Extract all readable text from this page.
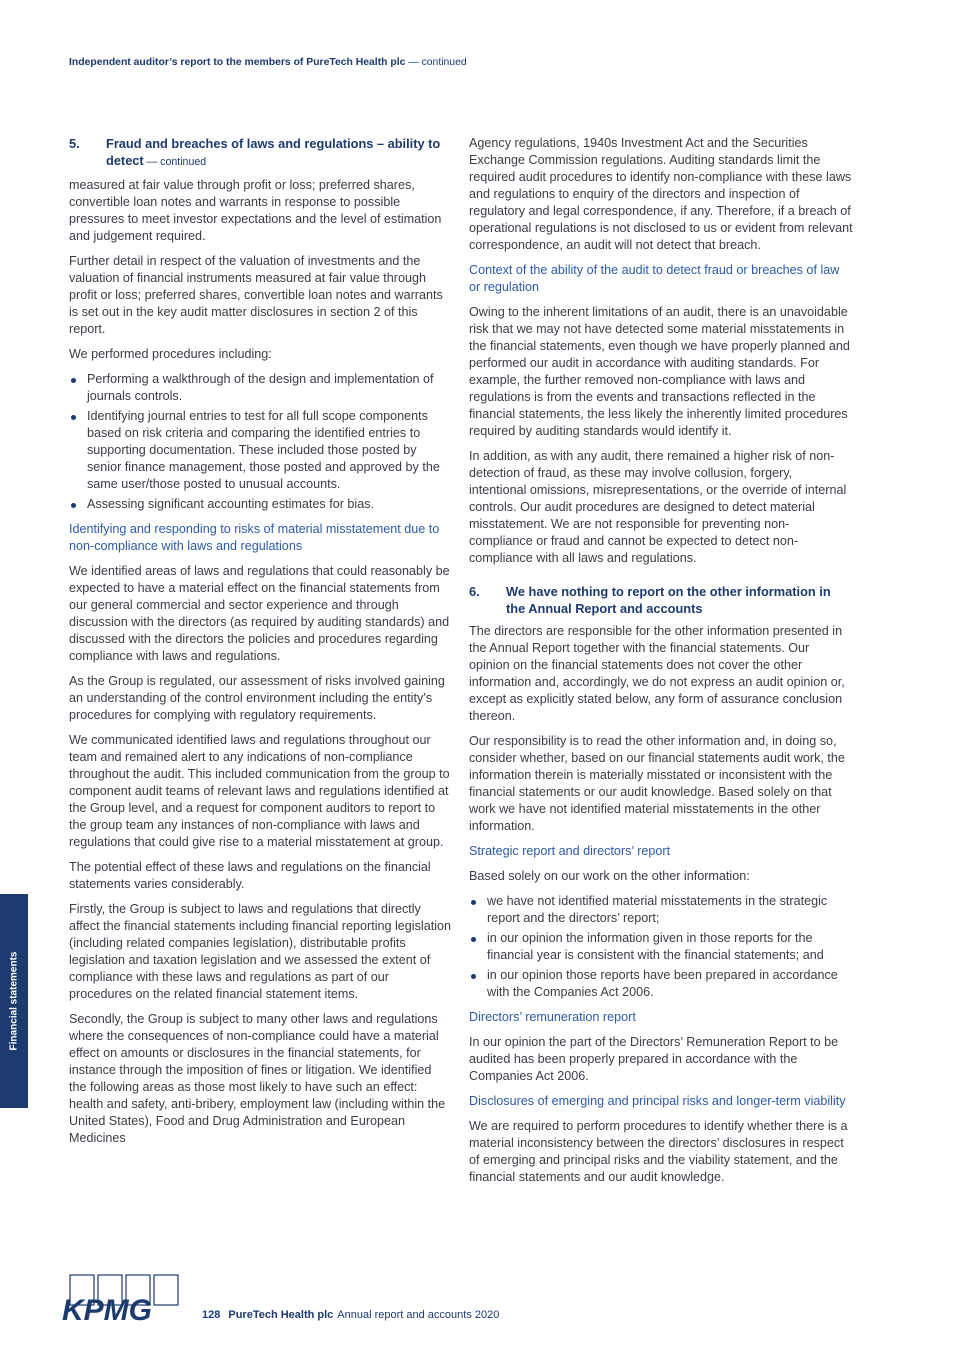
Independent auditor’s report to the members of PureTech Health plc — continued
5.	Fraud and breaches of laws and regulations – ability to detect — continued

measured at fair value through profit or loss; preferred shares, convertible loan notes and warrants in response to possible pressures to meet investor expectations and the level of estimation and judgement required.

Further detail in respect of the valuation of investments and the valuation of financial instruments measured at fair value through profit or loss; preferred shares, convertible loan notes and warrants is set out in the key audit matter disclosures in section 2 of this report.

We performed procedures including:

Performing a walkthrough of the design and implementation of journals controls.
Identifying journal entries to test for all full scope components based on risk criteria and comparing the identified entries to supporting documentation. These included those posted by senior finance management, those posted and approved by the same user/those posted to unusual accounts.
Assessing significant accounting estimates for bias.

Identifying and responding to risks of material misstatement due to non-compliance with laws and regulations

We identified areas of laws and regulations that could reasonably be expected to have a material effect on the financial statements from our general commercial and sector experience and through discussion with the directors (as required by auditing standards) and discussed with the directors the policies and procedures regarding compliance with laws and regulations.

As the Group is regulated, our assessment of risks involved gaining an understanding of the control environment including the entity’s procedures for complying with regulatory requirements.

We communicated identified laws and regulations throughout our team and remained alert to any indications of non-compliance throughout the audit. This included communication from the group to component audit teams of relevant laws and regulations identified at the Group level, and a request for component auditors to report to the group team any instances of non-compliance with laws and regulations that could give rise to a material misstatement at group.

The potential effect of these laws and regulations on the financial statements varies considerably.

Firstly, the Group is subject to laws and regulations that directly affect the financial statements including financial reporting legislation (including related companies legislation), distributable profits legislation and taxation legislation and we assessed the extent of compliance with these laws and regulations as part of our procedures on the related financial statement items.

Secondly, the Group is subject to many other laws and regulations where the consequences of non-compliance could have a material effect on amounts or disclosures in the financial statements, for instance through the imposition of fines or litigation. We identified the following areas as those most likely to have such an effect: health and safety, anti-bribery, employment law (including within the United States), Food and Drug Administration and European Medicines

Agency regulations, 1940s Investment Act and the Securities Exchange Commission regulations. Auditing standards limit the required audit procedures to identify non-compliance with these laws and regulations to enquiry of the directors and inspection of regulatory and legal correspondence, if any. Therefore, if a breach of operational regulations is not disclosed to us or evident from relevant correspondence, an audit will not detect that breach.

Context of the ability of the audit to detect fraud or breaches of law or regulation

Owing to the inherent limitations of an audit, there is an unavoidable risk that we may not have detected some material misstatements in the financial statements, even though we have properly planned and performed our audit in accordance with auditing standards. For example, the further removed non-compliance with laws and regulations is from the events and transactions reflected in the financial statements, the less likely the inherently limited procedures required by auditing standards would identify it.

In addition, as with any audit, there remained a higher risk of non-detection of fraud, as these may involve collusion, forgery, intentional omissions, misrepresentations, or the override of internal controls. Our audit procedures are designed to detect material misstatement. We are not responsible for preventing non-compliance or fraud and cannot be expected to detect non-compliance with all laws and regulations.

6.	We have nothing to report on the other information in the Annual Report and accounts

The directors are responsible for the other information presented in the Annual Report together with the financial statements. Our opinion on the financial statements does not cover the other information and, accordingly, we do not express an audit opinion or, except as explicitly stated below, any form of assurance conclusion thereon.

Our responsibility is to read the other information and, in doing so, consider whether, based on our financial statements audit work, the information therein is materially misstated or inconsistent with the financial statements or our audit knowledge. Based solely on that work we have not identified material misstatements in the other information.

Strategic report and directors’ report

Based solely on our work on the other information:

we have not identified material misstatements in the strategic report and the directors’ report;
in our opinion the information given in those reports for the financial year is consistent with the financial statements; and
in our opinion those reports have been prepared in accordance with the Companies Act 2006.

Directors’ remuneration report

In our opinion the part of the Directors’ Remuneration Report to be audited has been properly prepared in accordance with the Companies Act 2006.

Disclosures of emerging and principal risks and longer-term viability

We are required to perform procedures to identify whether there is a material inconsistency between the directors’ disclosures in respect of emerging and principal risks and the viability statement, and the financial statements and our audit knowledge.

Financial statements
KPMG	128 PureTech Health plc Annual report and accounts 2020
